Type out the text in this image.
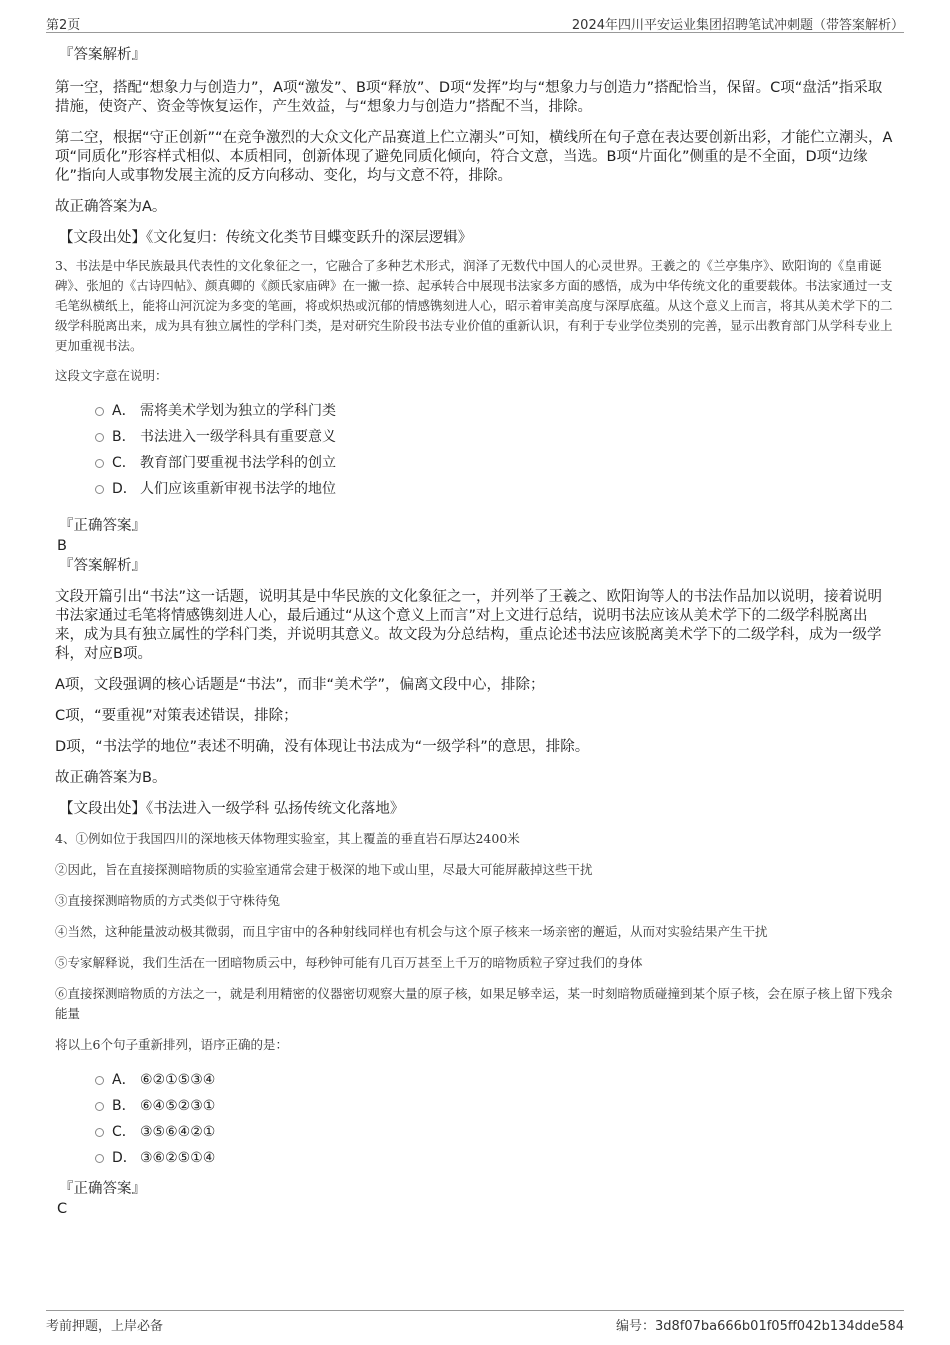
第2页	2024年四川平安运业集团招聘笔试冲刺题（带答案解析）
『答案解析』

第一空，搭配“想象力与创造力”，A项“激发”、B项“释放”、D项“发挥”均与“想象力与创造力”搭配恰当，保留。C项“盘活”指采取措施，使资产、资金等恢复运作，产生效益，与“想象力与创造力”搭配不当，排除。

第二空，根据“守正创新”“在竞争激烈的大众文化产品赛道上伫立潮头”可知，横线所在句子意在表达要创新出彩，才能伫立潮头，A项“同质化”形容样式相似、本质相同，创新体现了避免同质化倾向，符合文意，当选。B项“片面化”侧重的是不全面，D项“边缘化”指向人或事物发展主流的反方向移动、变化，均与文意不符，排除。

故正确答案为A。

【文段出处】《文化复归：传统文化类节目蝶变跃升的深层逻辑》

3、书法是中华民族最具代表性的文化象征之一，它融合了多种艺术形式，润泽了无数代中国人的心灵世界。王羲之的《兰亭集序》、欧阳询的《皇甫诞碑》、张旭的《古诗四帖》、颜真卿的《颜氏家庙碑》在一撇一捺、起承转合中展现书法家多方面的感悟，成为中华传统文化的重要载体。书法家通过一支毛笔纵横纸上，能将山河沉淀为多变的笔画，将或炽热或沉郁的情感镌刻进人心，昭示着审美高度与深厚底蕴。从这个意义上而言，将其从美术学下的二级学科脱离出来，成为具有独立属性的学科门类，是对研究生阶段书法专业价值的重新认识，有利于专业学位类别的完善，显示出教育部门从学科专业上更加重视书法。

这段文字意在说明：

A． 需将美术学划为独立的学科门类
B． 书法进入一级学科具有重要意义
C． 教育部门要重视书法学科的创立
D． 人们应该重新审视书法学的地位
『正确答案』
B
『答案解析』

文段开篇引出“书法”这一话题，说明其是中华民族的文化象征之一，并列举了王羲之、欧阳询等人的书法作品加以说明，接着说明书法家通过毛笔将情感镌刻进人心，最后通过“从这个意义上而言”对上文进行总结，说明书法应该从美术学下的二级学科脱离出来，成为具有独立属性的学科门类，并说明其意义。故文段为分总结构，重点论述书法应该脱离美术学下的二级学科，成为一级学科，对应B项。

A项，文段强调的核心话题是“书法”，而非“美术学”，偏离文段中心，排除；

C项，“要重视”对策表述错误，排除；

D项，“书法学的地位”表述不明确，没有体现让书法成为“一级学科”的意思，排除。

故正确答案为B。

【文段出处】《书法进入一级学科 弘扬传统文化落地》

4、①例如位于我国四川的深地核天体物理实验室，其上覆盖的垂直岩石厚达2400米

②因此，旨在直接探测暗物质的实验室通常会建于极深的地下或山里，尽最大可能屏蔽掉这些干扰

③直接探测暗物质的方式类似于守株待兔

④当然，这种能量波动极其微弱，而且宇宙中的各种射线同样也有机会与这个原子核来一场亲密的邂逅，从而对实验结果产生干扰

⑤专家解释说，我们生活在一团暗物质云中，每秒钟可能有几百万甚至上千万的暗物质粒子穿过我们的身体

⑥直接探测暗物质的方法之一，就是利用精密的仪器密切观察大量的原子核，如果足够幸运，某一时刻暗物质碰撞到某个原子核，会在原子核上留下残余能量

将以上6个句子重新排列，语序正确的是：

A． ⑥②①⑤③④
B． ⑥④⑤②③①
C． ③⑤⑥④②①
D． ③⑥②⑤①④
『正确答案』
C
考前押题，上岸必备	编号：3d8f07ba666b01f05ff042b134dde584
